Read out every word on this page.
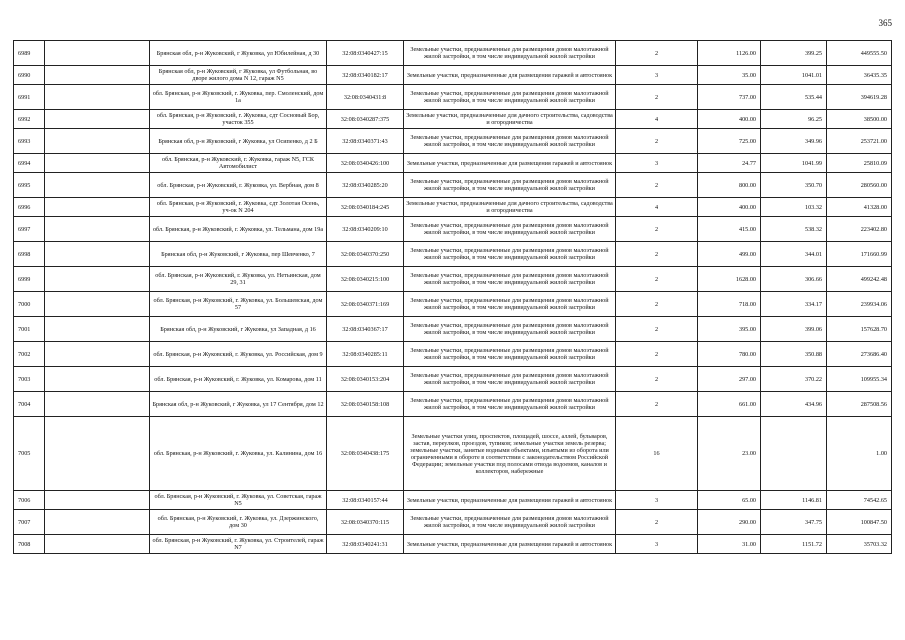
365
6989		Брянская обл, р-н Жуковский, г Жуковка, ул Юбилейная, д 30	32:08:0340427:15	Земельные участки, предназначенные для размещения домов малоэтажной жилой застройки, в том числе индивидуальной жилой застройки	2	1126.00	399.25	449555.50
6990		Брянская обл, р-н Жуковский, г Жуковка, ул Футбольная, во дворе жилого дома N 12, гараж N5	32:08:0340182:17	Земельные участки, предназначенные для размещения гаражей и автостоянок	3	35.00	1041.01	36435.35
6991		обл. Брянская, р-н Жуковский, г. Жуковка, пер. Смоленский, дом 1а	32:08:0340431:8	Земельные участки, предназначенные для размещения домов малоэтажной жилой застройки, в том числе индивидуальной жилой застройки	2	737.00	535.44	394619.28
6992		обл. Брянская, р-н Жуковский, г. Жуковка, сдт Сосновый Бор, участок 355	32:08:0340287:375	Земельные участки, предназначенные для дачного строительства, садоводства и огородничества	4	400.00	96.25	38500.00
6993		Брянская обл, р-н Жуковский, г Жуковка, ул Осипенко, д 2 Б	32:08:0340371:43	Земельные участки, предназначенные для размещения домов малоэтажной жилой застройки, в том числе индивидуальной жилой застройки	2	725.00	349.96	253721.00
6994		обл. Брянская, р-н Жуковский, г. Жуковка, гараж N5, ГСК Автомобилист	32:08:0340426:100	Земельные участки, предназначенные для размещения гаражей и автостоянок	3	24.77	1041.99	25810.09
6995		обл. Брянская, р-н Жуковский, г. Жуковка, ул. Вербная, дом 8	32:08:0340285:20	Земельные участки, предназначенные для размещения домов малоэтажной жилой застройки, в том числе индивидуальной жилой застройки	2	800.00	350.70	280560.00
6996		обл. Брянская, р-н Жуковский, г. Жуковка, сдт Золотая Осень, уч-ок N 204	32:08:0340184:245	Земельные участки, предназначенные для дачного строительства, садоводства и огородничества	4	400.00	103.32	41328.00
6997		обл. Брянская, р-н Жуковский, г. Жуковка, ул. Тельмана, дом 19а	32:08:0340209:10	Земельные участки, предназначенные для размещения домов малоэтажной жилой застройки, в том числе индивидуальной жилой застройки	2	415.00	538.32	223402.80
6998		Брянская обл, р-н Жуковский, г Жуковка, пер Шевченко, 7	32:08:0340370:250	Земельные участки, предназначенные для размещения домов малоэтажной жилой застройки, в том числе индивидуальной жилой застройки	2	499.00	344.01	171660.99
6999		обл. Брянская, р-н Жуковский, г. Жуковка, ул. Нетьинская, дом 29, 31	32:08:0340215:100	Земельные участки, предназначенные для размещения домов малоэтажной жилой застройки, в том числе индивидуальной жилой застройки	2	1628.00	306.66	499242.48
7000		обл. Брянская, р-н Жуковский, г. Жуковка, ул. Большевская, дом 57	32:08:0340371:169	Земельные участки, предназначенные для размещения домов малоэтажной жилой застройки, в том числе индивидуальной жилой застройки	2	718.00	334.17	239934.06
7001		Брянская обл, р-н Жуковский, г Жуковка, ул Западная, д 16	32:08:0340367:17	Земельные участки, предназначенные для размещения домов малоэтажной жилой застройки, в том числе индивидуальной жилой застройки	2	395.00	399.06	157628.70
7002		обл. Брянская, р-н Жуковский, г. Жуковка, ул. Российская, дом 9	32:08:0340285:11	Земельные участки, предназначенные для размещения домов малоэтажной жилой застройки, в том числе индивидуальной жилой застройки	2	780.00	350.88	273686.40
7003		обл. Брянская, р-н Жуковский, г. Жуковка, ул. Комарова, дом 11	32:08:0340153:204	Земельные участки, предназначенные для размещения домов малоэтажной жилой застройки, в том числе индивидуальной жилой застройки	2	297.00	370.22	109955.34
7004		Брянская обл, р-н Жуковский, г Жуковка, ул 17 Сентября, дом 12	32:08:0340158:108	Земельные участки, предназначенные для размещения домов малоэтажной жилой застройки, в том числе индивидуальной жилой застройки	2	661.00	434.96	287508.56
7005		обл. Брянская, р-н Жуковский, г. Жуковка, ул. Калинина, дом 16	32:08:0340438:175	Земельные участки улиц, проспектов, площадей, шоссе, аллей, бульваров, застав, переулков, проездов, тупиков; земельные участки земель резерва; земельные участки, занятые водными объектами, изъятыми из оборота или ограниченными в обороте в соответствии с законодательством Российской Федерации; земельные участки под полосами отвода водоемов, каналов и коллекторов, набережные	16	23.00		1.00
7006		обл. Брянская, р-н Жуковский, г. Жуковка, ул. Советская, гараж N5	32:08:0340157:44	Земельные участки, предназначенные для размещения гаражей и автостоянок	3	65.00	1146.81	74542.65
7007		обл. Брянская, р-н Жуковский, г. Жуковка, ул. Дзержинского, дом 30	32:08:0340370:115	Земельные участки, предназначенные для размещения домов малоэтажной жилой застройки, в том числе индивидуальной жилой застройки	2	290.00	347.75	100847.50
7008		обл. Брянская, р-н Жуковский, г. Жуковка, ул. Строителей, гараж N7	32:08:0340241:31	Земельные участки, предназначенные для размещения гаражей и автостоянок	3	31.00	1151.72	35703.32
